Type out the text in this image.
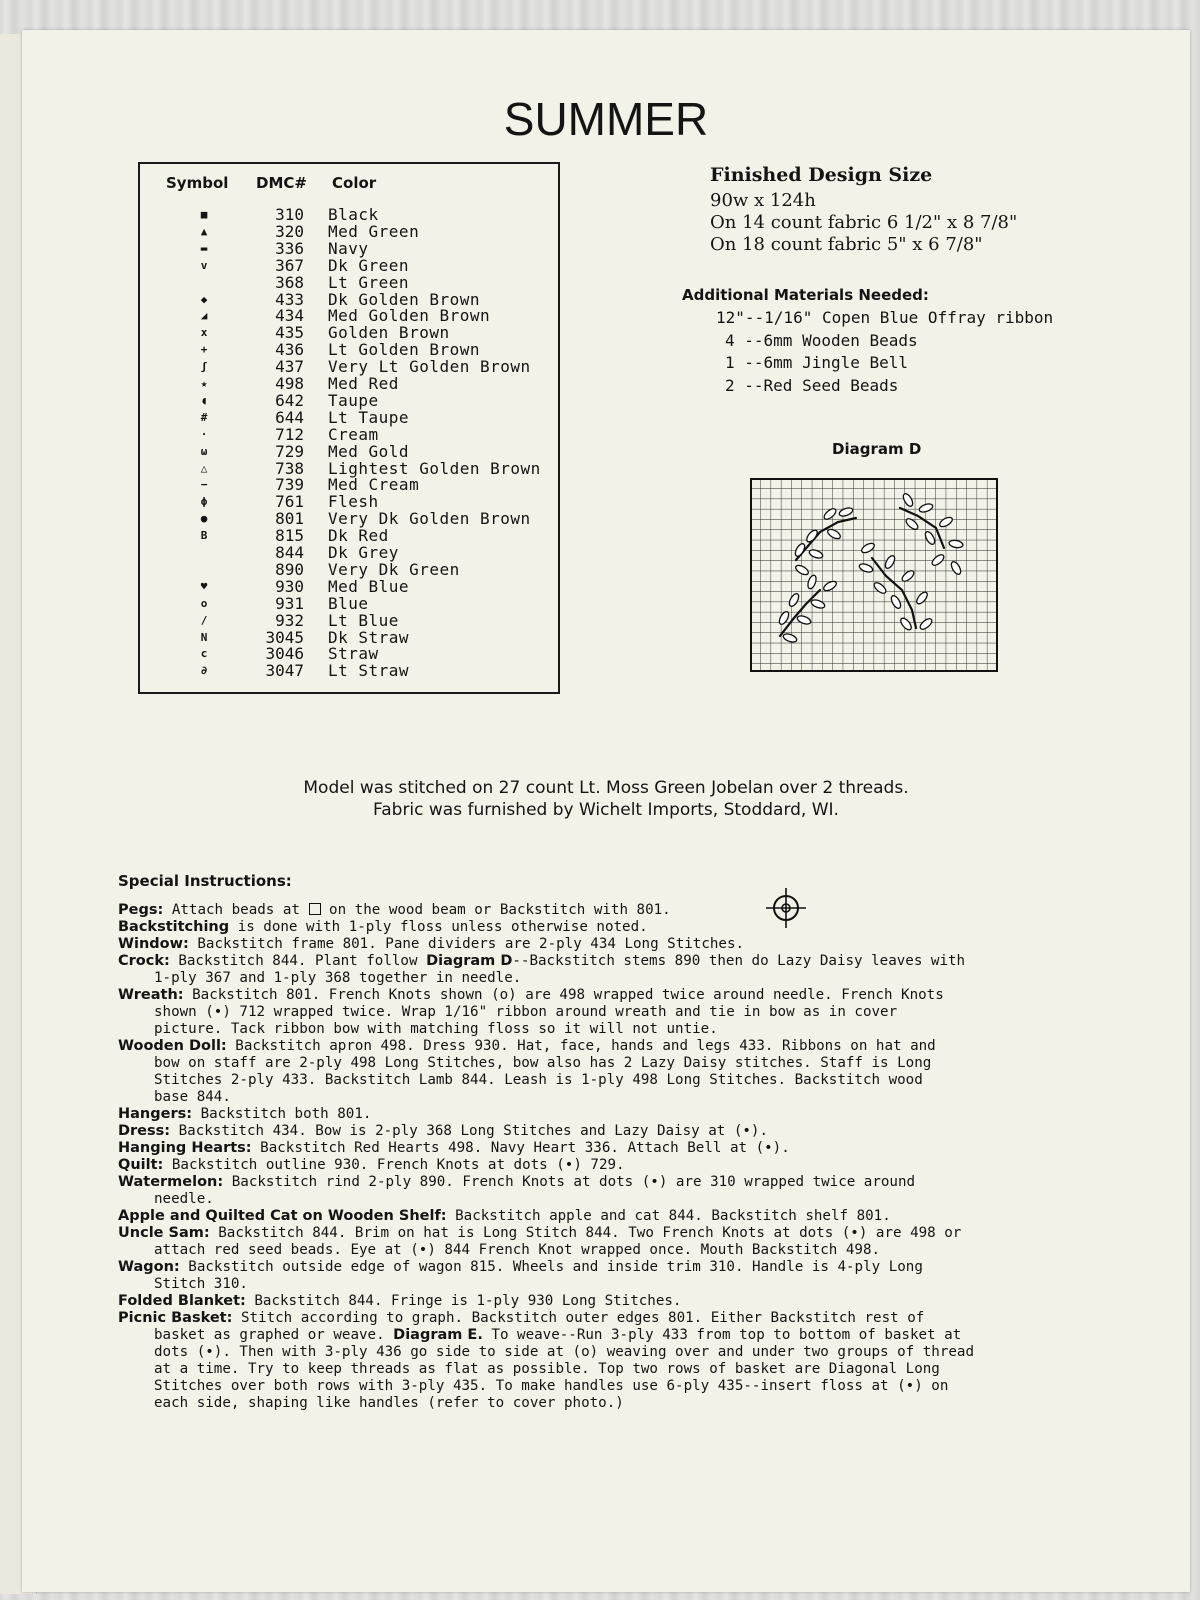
SUMMER
Symbol DMC# Color
■	310 Black
▲	320 Med Green
▬	336 Navy
v	367 Dk Green
368 Lt Green
◆	433 Dk Golden Brown
◢	434 Med Golden Brown
x	435 Golden Brown
+	436 Lt Golden Brown
ʃ	437 Very Lt Golden Brown
★	498 Med Red
◖	642 Taupe
#	644 Lt Taupe
·	712 Cream
ω	729 Med Gold
△	738 Lightest Golden Brown
−	739 Med Cream
ϕ	761 Flesh
●	801 Very Dk Golden Brown
B	815 Dk Red
844 Dk Grey
890 Very Dk Green
♥	930 Med Blue
o	931 Blue
/	932 Lt Blue
N	3045 Dk Straw
c	3046 Straw
∂	3047 Lt Straw
Finished Design Size
90w x 124h
On 14 count fabric 6 1/2" x 8 7/8"
On 18 count fabric 5" x 6 7/8"
Additional Materials Needed:
12"--1/16" Copen Blue Offray ribbon
4 --6mm Wooden Beads
1 --6mm Jingle Bell
2 --Red Seed Beads
Diagram D
Model was stitched on 27 count Lt. Moss Green Jobelan over 2 threads.
Fabric was furnished by Wichelt Imports, Stoddard, WI.
Special Instructions:

Pegs: Attach beads at on the wood beam or Backstitch with 801.

Backstitching is done with 1-ply floss unless otherwise noted.

Window: Backstitch frame 801. Pane dividers are 2-ply 434 Long Stitches.

Crock: Backstitch 844. Plant follow Diagram D--Backstitch stems 890 then do Lazy Daisy leaves with

1-ply 367 and 1-ply 368 together in needle.

Wreath: Backstitch 801. French Knots shown (o) are 498 wrapped twice around needle. French Knots

shown (•) 712 wrapped twice. Wrap 1/16" ribbon around wreath and tie in bow as in cover

picture. Tack ribbon bow with matching floss so it will not untie.

Wooden Doll: Backstitch apron 498. Dress 930. Hat, face, hands and legs 433. Ribbons on hat and

bow on staff are 2-ply 498 Long Stitches, bow also has 2 Lazy Daisy stitches. Staff is Long

Stitches 2-ply 433. Backstitch Lamb 844. Leash is 1-ply 498 Long Stitches. Backstitch wood

base 844.

Hangers: Backstitch both 801.

Dress: Backstitch 434. Bow is 2-ply 368 Long Stitches and Lazy Daisy at (•).

Hanging Hearts: Backstitch Red Hearts 498. Navy Heart 336. Attach Bell at (•).

Quilt: Backstitch outline 930. French Knots at dots (•) 729.

Watermelon: Backstitch rind 2-ply 890. French Knots at dots (•) are 310 wrapped twice around

needle.

Apple and Quilted Cat on Wooden Shelf: Backstitch apple and cat 844. Backstitch shelf 801.

Uncle Sam: Backstitch 844. Brim on hat is Long Stitch 844. Two French Knots at dots (•) are 498 or

attach red seed beads. Eye at (•) 844 French Knot wrapped once. Mouth Backstitch 498.

Wagon: Backstitch outside edge of wagon 815. Wheels and inside trim 310. Handle is 4-ply Long

Stitch 310.

Folded Blanket: Backstitch 844. Fringe is 1-ply 930 Long Stitches.

Picnic Basket: Stitch according to graph. Backstitch outer edges 801. Either Backstitch rest of

basket as graphed or weave. Diagram E. To weave--Run 3-ply 433 from top to bottom of basket at

dots (•). Then with 3-ply 436 go side to side at (o) weaving over and under two groups of thread

at a time. Try to keep threads as flat as possible. Top two rows of basket are Diagonal Long

Stitches over both rows with 3-ply 435. To make handles use 6-ply 435--insert floss at (•) on

each side, shaping like handles (refer to cover photo.)
